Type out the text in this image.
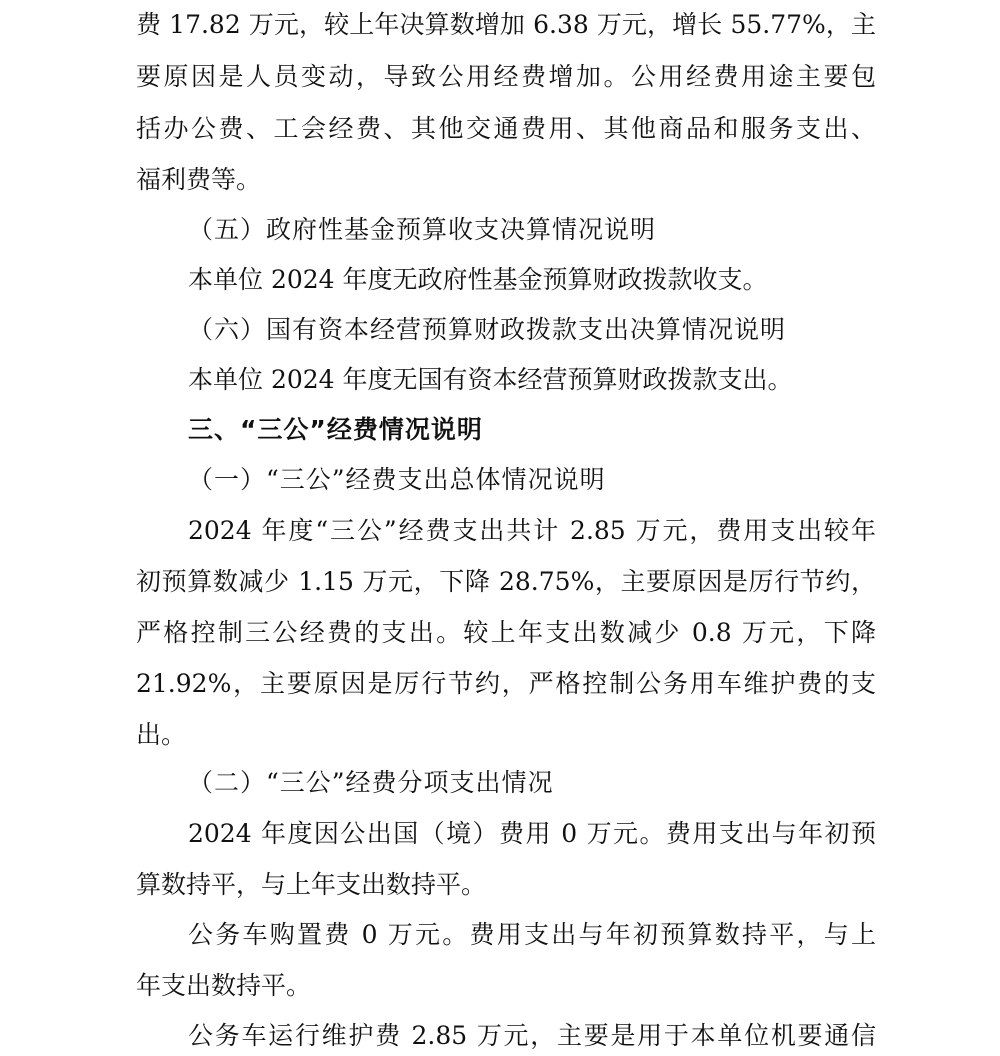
费 17.82 万元，较上年决算数增加 6.38 万元，增长 55.77%，主
要原因是人员变动，导致公用经费增加。公用经费用途主要包
括办公费、工会经费、其他交通费用、其他商品和服务支出、
福利费等。
（五）政府性基金预算收支决算情况说明
本单位 2024 年度无政府性基金预算财政拨款收支。
（六）国有资本经营预算财政拨款支出决算情况说明
本单位 2024 年度无国有资本经营预算财政拨款支出。
三、“三公”经费情况说明
（一）“三公”经费支出总体情况说明
2024 年度“三公”经费支出共计 2.85 万元，费用支出较年
初预算数减少 1.15 万元，下降 28.75%，主要原因是厉行节约，
严格控制三公经费的支出。较上年支出数减少 0.8 万元，下降
21.92%，主要原因是厉行节约，严格控制公务用车维护费的支
出。
（二）“三公”经费分项支出情况
2024 年度因公出国（境）费用 0 万元。费用支出与年初预
算数持平，与上年支出数持平。
公务车购置费 0 万元。费用支出与年初预算数持平，与上
年支出数持平。
公务车运行维护费 2.85 万元，主要是用于本单位机要通信
